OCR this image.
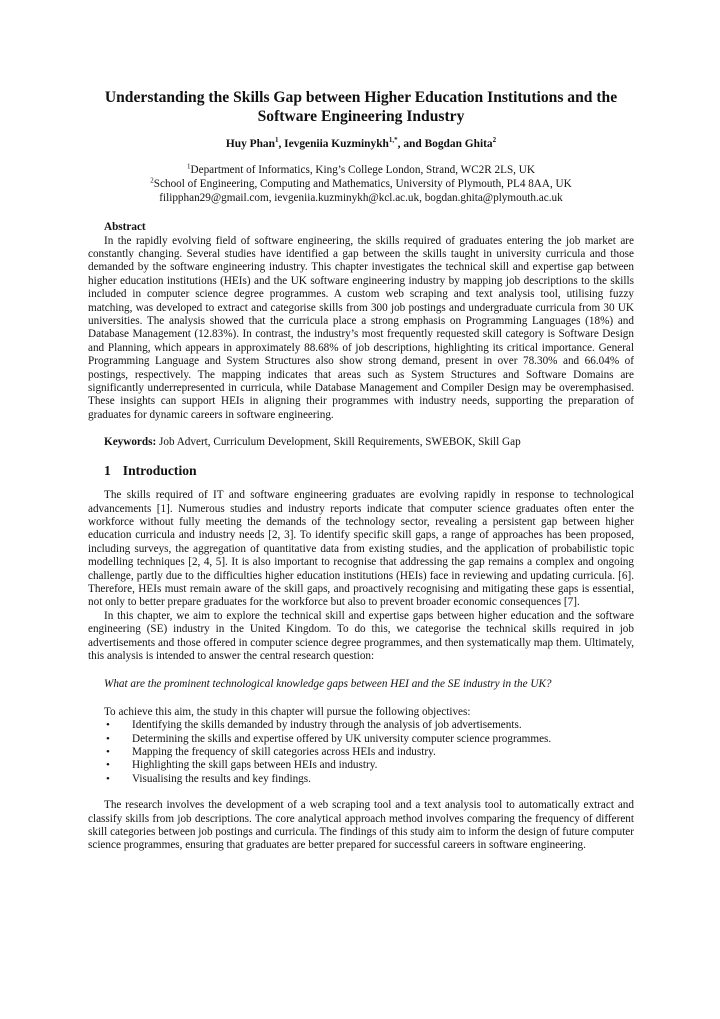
Understanding the Skills Gap between Higher Education Institutions and the Software Engineering Industry
Huy Phan$^1$, Ievgeniia Kuzminykh$^{1,*}$, and Bogdan Ghita$^2$
$^1$Department of Informatics, King’s College London, Strand, WC2R 2LS, UK
$^2$School of Engineering, Computing and Mathematics, University of Plymouth, PL4 8AA, UK
filipphan29@gmail.com, ievgeniia.kuzminykh@kcl.ac.uk, bogdan.ghita@plymouth.ac.uk
Abstract

In the rapidly evolving field of software engineering, the skills required of graduates entering the job market are constantly changing. Several studies have identified a gap between the skills taught in university curricula and those demanded by the software engineering industry. This chapter investigates the technical skill and expertise gap between higher education institutions (HEIs) and the UK software engineering industry by mapping job descriptions to the skills included in computer science degree programmes. A custom web scraping and text analysis tool, utilising fuzzy matching, was developed to extract and categorise skills from 300 job postings and undergraduate curricula from 30 UK universities. The analysis showed that the curricula place a strong emphasis on Programming Languages (18%) and Database Management (12.83%). In contrast, the industry’s most frequently requested skill category is Software Design and Planning, which appears in approximately 88.68% of job descriptions, highlighting its critical importance. General Programming Language and System Structures also show strong demand, present in over 78.30% and 66.04% of postings, respectively. The mapping indicates that areas such as System Structures and Software Domains are significantly underrepresented in curricula, while Database Management and Compiler Design may be overemphasised. These insights can support HEIs in aligning their programmes with industry needs, supporting the preparation of graduates for dynamic careers in software engineering.

Keywords: Job Advert, Curriculum Development, Skill Requirements, SWEBOK, Skill Gap
1 Introduction

The skills required of IT and software engineering graduates are evolving rapidly in response to technological advancements [1]. Numerous studies and industry reports indicate that computer science graduates often enter the workforce without fully meeting the demands of the technology sector, revealing a persistent gap between higher education curricula and industry needs [2, 3]. To identify specific skill gaps, a range of approaches has been proposed, including surveys, the aggregation of quantitative data from existing studies, and the application of probabilistic topic modelling techniques [2, 4, 5]. It is also important to recognise that addressing the gap remains a complex and ongoing challenge, partly due to the difficulties higher education institutions (HEIs) face in reviewing and updating curricula. [6]. Therefore, HEIs must remain aware of the skill gaps, and proactively recognising and mitigating these gaps is essential, not only to better prepare graduates for the workforce but also to prevent broader economic consequences [7].

In this chapter, we aim to explore the technical skill and expertise gaps between higher education and the software engineering (SE) industry in the United Kingdom. To do this, we categorise the technical skills required in job advertisements and those offered in computer science degree programmes, and then systematically map them. Ultimately, this analysis is intended to answer the central research question:

What are the prominent technological knowledge gaps between HEI and the SE industry in the UK?

To achieve this aim, the study in this chapter will pursue the following objectives:

• Identifying the skills demanded by industry through the analysis of job advertisements.
• Determining the skills and expertise offered by UK university computer science programmes.
• Mapping the frequency of skill categories across HEIs and industry.
• Highlighting the skill gaps between HEIs and industry.
• Visualising the results and key findings.

The research involves the development of a web scraping tool and a text analysis tool to automatically extract and classify skills from job descriptions. The core analytical approach method involves comparing the frequency of different skill categories between job postings and curricula. The findings of this study aim to inform the design of future computer science programmes, ensuring that graduates are better prepared for successful careers in software engineering.
